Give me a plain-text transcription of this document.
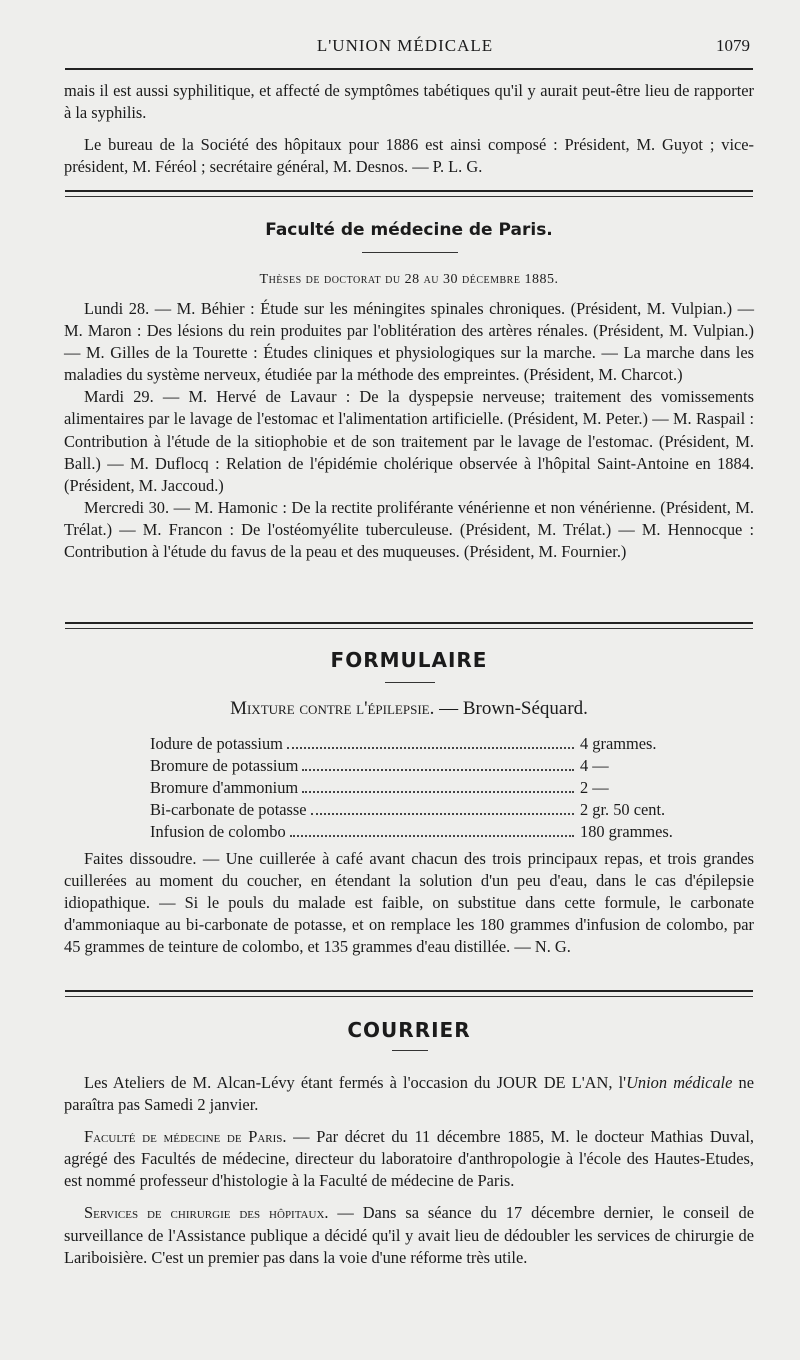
L'UNION MÉDICALE	1079

mais il est aussi syphilitique, et affecté de symptômes tabétiques qu'il y aurait peut-être lieu de rapporter à la syphilis.

Le bureau de la Société des hôpitaux pour 1886 est ainsi composé : Président, M. Guyot ; vice-président, M. Féréol ; secrétaire général, M. Desnos. — P. L. G.

Faculté de médecine de Paris.
Thèses de doctorat du 28 au 30 décembre 1885.

Lundi 28. — M. Béhier : Étude sur les méningites spinales chroniques. (Président, M. Vulpian.) — M. Maron : Des lésions du rein produites par l'oblitération des artères rénales. (Président, M. Vulpian.) — M. Gilles de la Tourette : Études cliniques et physiologiques sur la marche. — La marche dans les maladies du système nerveux, étudiée par la méthode des empreintes. (Président, M. Charcot.)

Mardi 29. — M. Hervé de Lavaur : De la dyspepsie nerveuse; traitement des vomissements alimentaires par le lavage de l'estomac et l'alimentation artificielle. (Président, M. Peter.) — M. Raspail : Contribution à l'étude de la sitiophobie et de son traitement par le lavage de l'estomac. (Président, M. Ball.) — M. Duflocq : Relation de l'épidémie cholérique observée à l'hôpital Saint-Antoine en 1884. (Président, M. Jaccoud.)

Mercredi 30. — M. Hamonic : De la rectite proliférante vénérienne et non vénérienne. (Président, M. Trélat.) — M. Francon : De l'ostéomyélite tuberculeuse. (Président, M. Trélat.) — M. Hennocque : Contribution à l'étude du favus de la peau et des muqueuses. (Président, M. Fournier.)

FORMULAIRE
Mixture contre l'épilepsie. — Brown-Séquard.
Iodure de potassium	4 grammes.
Bromure de potassium	4 —
Bromure d'ammonium	2 —
Bi-carbonate de potasse	2 gr. 50 cent.
Infusion de colombo	180 grammes.

Faites dissoudre. — Une cuillerée à café avant chacun des trois principaux repas, et trois grandes cuillerées au moment du coucher, en étendant la solution d'un peu d'eau, dans le cas d'épilepsie idiopathique. — Si le pouls du malade est faible, on substitue dans cette formule, le carbonate d'ammoniaque au bi-carbonate de potasse, et on remplace les 180 grammes d'infusion de colombo, par 45 grammes de teinture de colombo, et 135 grammes d'eau distillée. — N. G.

COURRIER

Les Ateliers de M. Alcan-Lévy étant fermés à l'occasion du JOUR DE L'AN, l'Union médicale ne paraîtra pas Samedi 2 janvier.

Faculté de médecine de Paris. — Par décret du 11 décembre 1885, M. le docteur Mathias Duval, agrégé des Facultés de médecine, directeur du laboratoire d'anthropologie à l'école des Hautes-Etudes, est nommé professeur d'histologie à la Faculté de médecine de Paris.

Services de chirurgie des hôpitaux. — Dans sa séance du 17 décembre dernier, le conseil de surveillance de l'Assistance publique a décidé qu'il y avait lieu de dédoubler les services de chirurgie de Lariboisière. C'est un premier pas dans la voie d'une réforme très utile.
